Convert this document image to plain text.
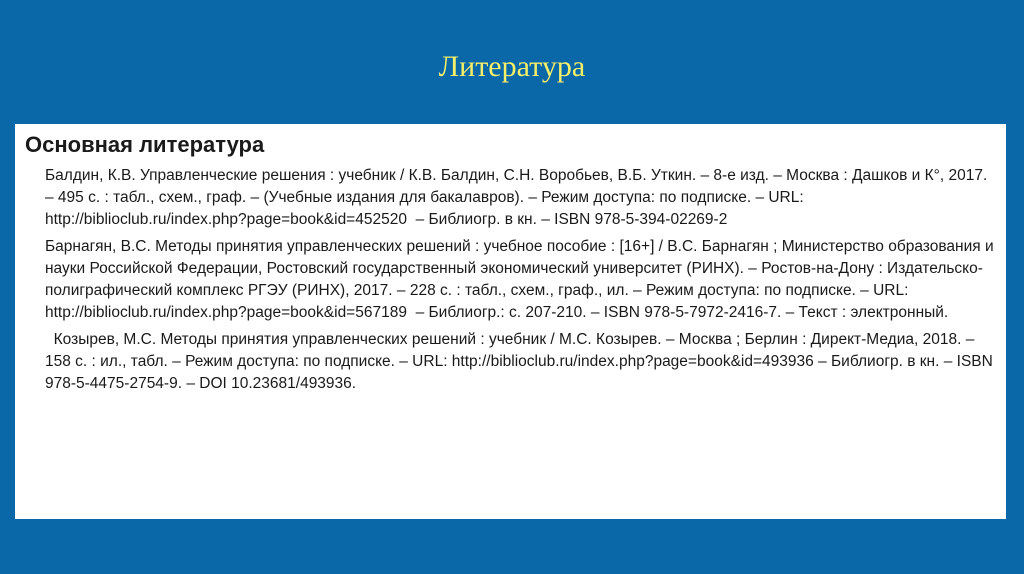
Литература
Основная литература
Балдин, К.В. Управленческие решения : учебник / К.В. Балдин, С.Н. Воробьев, В.Б. Уткин. – 8-е изд. – Москва : Дашков и К°, 2017. – 495 с. : табл., схем., граф. – (Учебные издания для бакалавров). – Режим доступа: по подписке. – URL: http://biblioclub.ru/index.php?page=book&id=452520  – Библиогр. в кн. – ISBN 978-5-394-02269-2
Барнагян, В.С. Методы принятия управленческих решений : учебное пособие : [16+] / В.С. Барнагян ; Министерство образования и науки Российской Федерации, Ростовский государственный экономический университет (РИНХ). – Ростов-на-Дону : Издательско-полиграфический комплекс РГЭУ (РИНХ), 2017. – 228 с. : табл., схем., граф., ил. – Режим доступа: по подписке. – URL: http://biblioclub.ru/index.php?page=book&id=567189  – Библиогр.: с. 207-210. – ISBN 978-5-7972-2416-7. – Текст : электронный.
Козырев, М.С. Методы принятия управленческих решений : учебник / М.С. Козырев. – Москва ; Берлин : Директ-Медиа, 2018. – 158 с. : ил., табл. – Режим доступа: по подписке. – URL: http://biblioclub.ru/index.php?page=book&id=493936 – Библиогр. в кн. – ISBN 978-5-4475-2754-9. – DOI 10.23681/493936.
